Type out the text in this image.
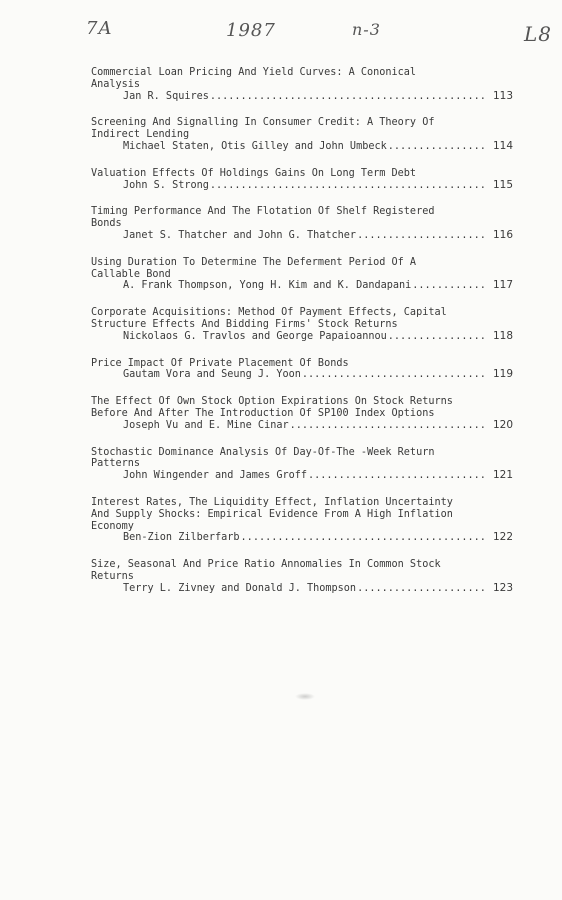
7A	1987	n-3	L8
Commercial Loan Pricing And Yield Curves: A Cononical
Analysis
Jan R. Squires .....	113
Screening And Signalling In Consumer Credit: A Theory Of
Indirect Lending
Michael Staten, Otis Gilley and John Umbeck .....	114
Valuation Effects Of Holdings Gains On Long Term Debt
John S. Strong .....	115
Timing Performance And The Flotation Of Shelf Registered
Bonds
Janet S. Thatcher and John G. Thatcher .....	116
Using Duration To Determine The Deferment Period Of A
Callable Bond
A. Frank Thompson, Yong H. Kim and K. Dandapani .....	117
Corporate Acquisitions: Method Of Payment Effects, Capital
Structure Effects And Bidding Firms' Stock Returns
Nickolaos G. Travlos and George Papaioannou .....	118
Price Impact Of Private Placement Of Bonds
Gautam Vora and Seung J. Yoon .....	119
The Effect Of Own Stock Option Expirations On Stock Returns
Before And After The Introduction Of SP100 Index Options
Joseph Vu and E. Mine Cinar .....	120
Stochastic Dominance Analysis Of Day-Of-The -Week Return
Patterns
John Wingender and James Groff .....	121
Interest Rates, The Liquidity Effect, Inflation Uncertainty
And Supply Shocks: Empirical Evidence From A High Inflation
Economy
Ben-Zion Zilberfarb .....	122
Size, Seasonal And Price Ratio Annomalies In Common Stock
Returns
Terry L. Zivney and Donald J. Thompson .....	123
